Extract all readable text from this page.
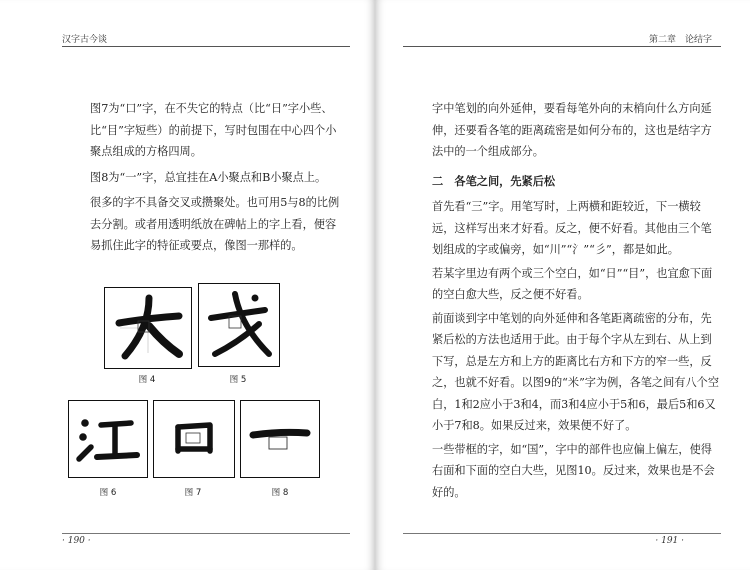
汉字古今谈

图7为“口”字，在不失它的特点（比“日”字小些、比“目”字短些）的前提下，写时包围在中心四个小聚点组成的方格四周。

图8为“一”字，总宜挂在A小聚点和B小聚点上。

很多的字不具备交叉或攒聚处。也可用5与8的比例去分割。或者用透明纸放在碑帖上的字上看，便容易抓住此字的特征或要点，像图一那样的。

图 4	图 5
图 6	图 7	图 8
· 190 ·
第二章　论结字

字中笔划的向外延伸，要看每笔外向的末梢向什么方向延伸，还要看各笔的距离疏密是如何分布的，这也是结字方法中的一个组成部分。

二　各笔之间，先紧后松

首先看“三”字。用笔写时，上两横和距较近，下一横较远，这样写出来才好看。反之，便不好看。其他由三个笔划组成的字或偏旁，如“川”“氵”“彡”，都是如此。

若某字里边有两个或三个空白，如“日”“目”，也宜愈下面的空白愈大些，反之便不好看。

前面谈到字中笔划的向外延伸和各笔距离疏密的分布，先紧后松的方法也适用于此。由于每个字从左到右、从上到下写，总是左方和上方的距离比右方和下方的窄一些，反之，也就不好看。以图9的“米”字为例，各笔之间有八个空白，1和2应小于3和4，而3和4应小于5和6，最后5和6又小于7和8。如果反过来，效果便不好了。

一些带框的字，如“国”，字中的部件也应偏上偏左，使得右面和下面的空白大些，见图10。反过来，效果也是不会好的。

· 191 ·
